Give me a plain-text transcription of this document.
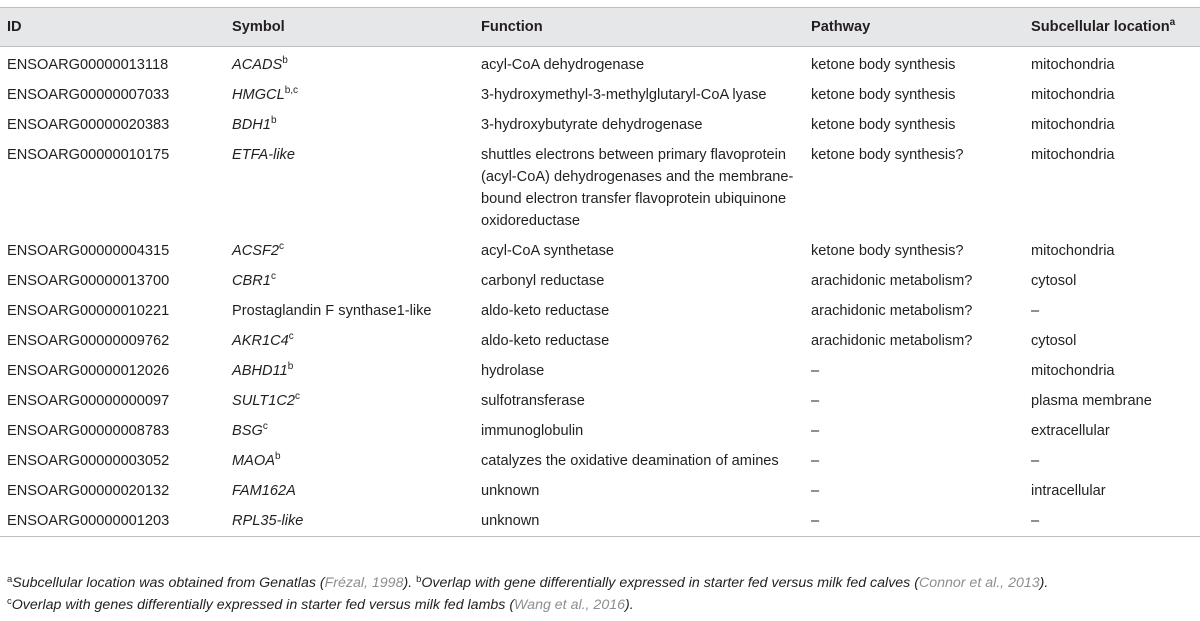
ID	Symbol	Function	Pathway	Subcellular location$^a$
ENSOARG00000013118	ACADS$^b$	acyl-CoA dehydrogenase	ketone body synthesis	mitochondria
ENSOARG00000007033	HMGCL$^{b,c}$	3-hydroxymethyl-3-methylglutaryl-CoA lyase	ketone body synthesis	mitochondria
ENSOARG00000020383	BDH1$^b$	3-hydroxybutyrate dehydrogenase	ketone body synthesis	mitochondria
ENSOARG00000010175	ETFA-like	shuttles electrons between primary flavoprotein (acyl-CoA) dehydrogenases and the membrane-bound electron transfer flavoprotein ubiquinone oxidoreductase	ketone body synthesis?	mitochondria
ENSOARG00000004315	ACSF2$^c$	acyl-CoA synthetase	ketone body synthesis?	mitochondria
ENSOARG00000013700	CBR1$^c$	carbonyl reductase	arachidonic metabolism?	cytosol
ENSOARG00000010221	Prostaglandin F synthase1-like	aldo-keto reductase	arachidonic metabolism?	–
ENSOARG00000009762	AKR1C4$^c$	aldo-keto reductase	arachidonic metabolism?	cytosol
ENSOARG00000012026	ABHD11$^b$	hydrolase	–	mitochondria
ENSOARG00000000097	SULT1C2$^c$	sulfotransferase	–	plasma membrane
ENSOARG00000008783	BSG$^c$	immunoglobulin	–	extracellular
ENSOARG00000003052	MAOA$^b$	catalyzes the oxidative deamination of amines	–	–
ENSOARG00000020132	FAM162A	unknown	–	intracellular
ENSOARG00000001203	RPL35-like	unknown	–	–
$^a$Subcellular location was obtained from Genatlas (Frézal, 1998). $^b$Overlap with gene differentially expressed in starter fed versus milk fed calves (Connor et al., 2013).
$^c$Overlap with genes differentially expressed in starter fed versus milk fed lambs (Wang et al., 2016).
